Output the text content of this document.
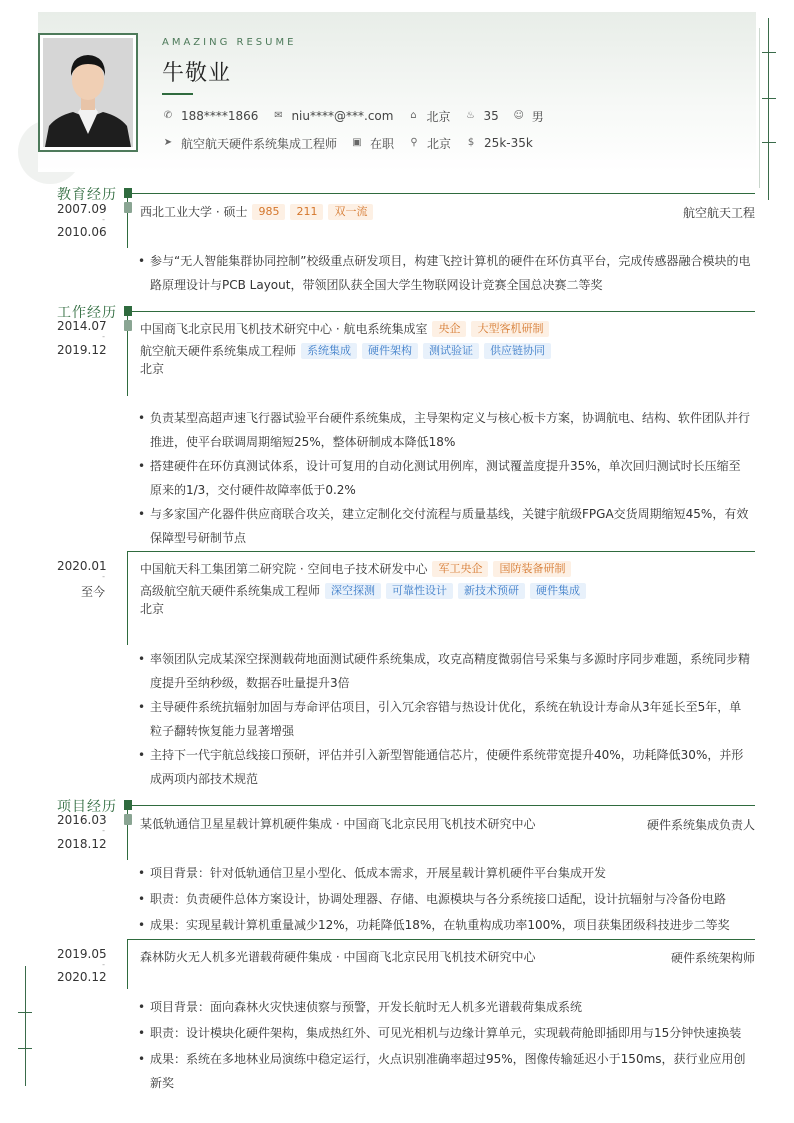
AMAZING RESUME
牛敬业
✆ 188****1866 ✉ niu****@***.com ⌂ 北京 ♨ 35 ☺ 男
➤ 航空航天硬件系统集成工程师 ▣ 在职 ⚲ 北京 $ 25k-35k
教育经历
2007.09
-
2010.06
西北工业大学 · 硕士	985	211	双一流	航空航天工程
• 参与“无人智能集群协同控制”校级重点研发项目，构建飞控计算机的硬件在环仿真平台，完成传感器融合模块的电路原理设计与PCB Layout，带领团队获全国大学生物联网设计竞赛全国总决赛二等奖
工作经历
2014.07
-
2019.12
中国商飞北京民用飞机技术研究中心 · 航电系统集成室	央企	大型客机研制
航空航天硬件系统集成工程师	系统集成	硬件架构	测试验证	供应链协同
北京
• 负责某型高超声速飞行器试验平台硬件系统集成，主导架构定义与核心板卡方案，协调航电、结构、软件团队并行推进，使平台联调周期缩短25%，整体研制成本降低18%
• 搭建硬件在环仿真测试体系，设计可复用的自动化测试用例库，测试覆盖度提升35%，单次回归测试时长压缩至原来的1/3，交付硬件故障率低于0.2%
• 与多家国产化器件供应商联合攻关，建立定制化交付流程与质量基线，关键宇航级FPGA交货周期缩短45%，有效保障型号研制节点
2020.01
-
至今
中国航天科工集团第二研究院 · 空间电子技术研发中心	军工央企	国防装备研制
高级航空航天硬件系统集成工程师	深空探测	可靠性设计	新技术预研	硬件集成
北京
• 率领团队完成某深空探测载荷地面测试硬件系统集成，攻克高精度微弱信号采集与多源时序同步难题，系统同步精度提升至纳秒级，数据吞吐量提升3倍
• 主导硬件系统抗辐射加固与寿命评估项目，引入冗余容错与热设计优化，系统在轨设计寿命从3年延长至5年，单粒子翻转恢复能力显著增强
• 主持下一代宇航总线接口预研，评估并引入新型智能通信芯片，使硬件系统带宽提升40%，功耗降低30%，并形成两项内部技术规范
项目经历
2016.03
-
2018.12
某低轨通信卫星星载计算机硬件集成 · 中国商飞北京民用飞机技术研究中心	硬件系统集成负责人
• 项目背景：针对低轨通信卫星小型化、低成本需求，开展星载计算机硬件平台集成开发
• 职责：负责硬件总体方案设计，协调处理器、存储、电源模块与各分系统接口适配，设计抗辐射与冷备份电路
• 成果：实现星载计算机重量减少12%，功耗降低18%，在轨重构成功率100%，项目获集团级科技进步二等奖
2019.05
-
2020.12
森林防火无人机多光谱载荷硬件集成 · 中国商飞北京民用飞机技术研究中心	硬件系统架构师
• 项目背景：面向森林火灾快速侦察与预警，开发长航时无人机多光谱载荷集成系统
• 职责：设计模块化硬件架构，集成热红外、可见光相机与边缘计算单元，实现载荷舱即插即用与15分钟快速换装
• 成果：系统在多地林业局演练中稳定运行，火点识别准确率超过95%，图像传输延迟小于150ms，获行业应用创新奖
